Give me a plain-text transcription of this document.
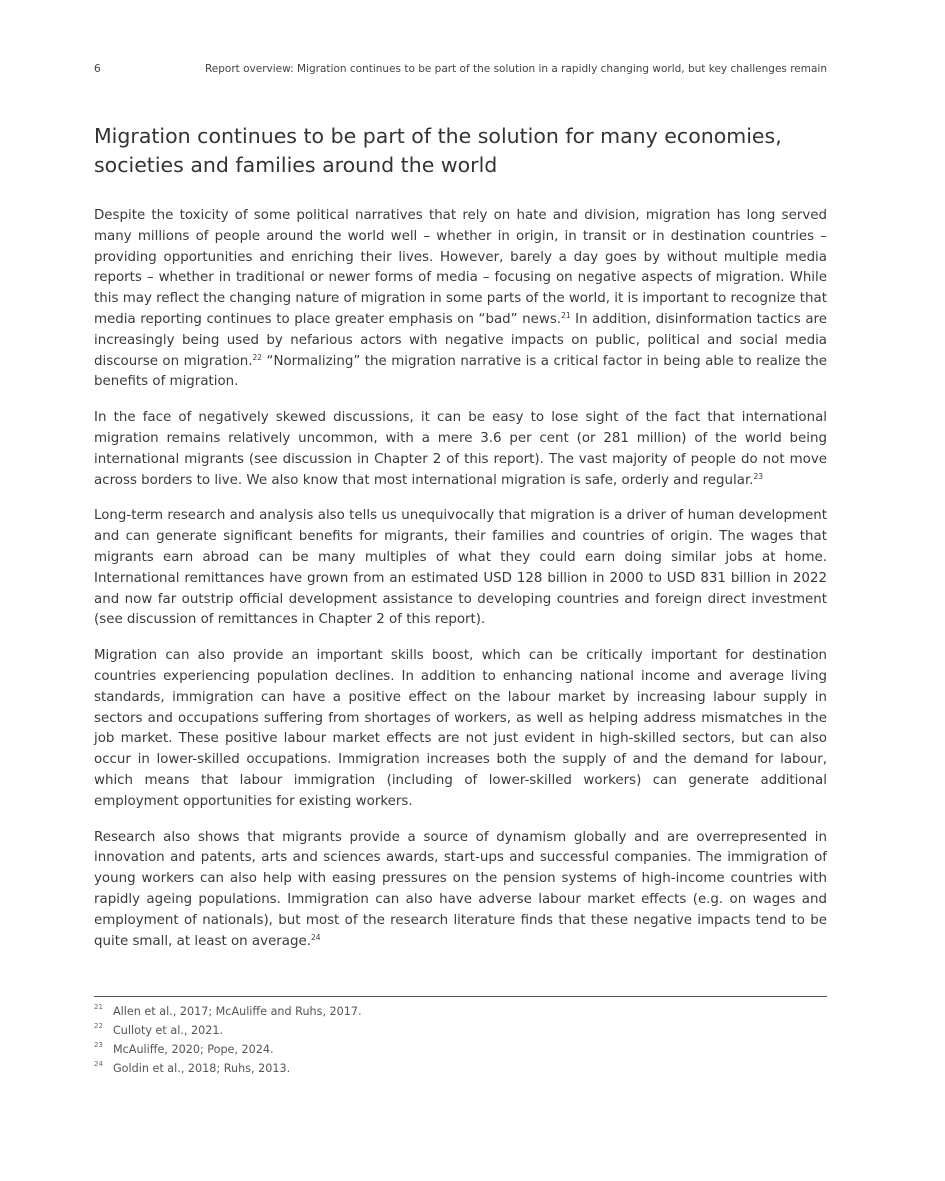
6	Report overview: Migration continues to be part of the solution in a rapidly changing world, but key challenges remain
Migration continues to be part of the solution for many economies, societies and families around the world

Despite the toxicity of some political narratives that rely on hate and division, migration has long served many millions of people around the world well – whether in origin, in transit or in destination countries – providing opportunities and enriching their lives. However, barely a day goes by without multiple media reports – whether in traditional or newer forms of media – focusing on negative aspects of migration. While this may reflect the changing nature of migration in some parts of the world, it is important to recognize that media reporting continues to place greater emphasis on “bad” news.$^{21}$ In addition, disinformation tactics are increasingly being used by nefarious actors with negative impacts on public, political and social media discourse on migration.$^{22}$ “Normalizing” the migration narrative is a critical factor in being able to realize the benefits of migration.

In the face of negatively skewed discussions, it can be easy to lose sight of the fact that international migration remains relatively uncommon, with a mere 3.6 per cent (or 281 million) of the world being international migrants (see discussion in Chapter 2 of this report). The vast majority of people do not move across borders to live. We also know that most international migration is safe, orderly and regular.$^{23}$

Long-term research and analysis also tells us unequivocally that migration is a driver of human development and can generate significant benefits for migrants, their families and countries of origin. The wages that migrants earn abroad can be many multiples of what they could earn doing similar jobs at home. International remittances have grown from an estimated USD 128 billion in 2000 to USD 831 billion in 2022 and now far outstrip official development assistance to developing countries and foreign direct investment (see discussion of remittances in Chapter 2 of this report).

Migration can also provide an important skills boost, which can be critically important for destination countries experiencing population declines. In addition to enhancing national income and average living standards, immigration can have a positive effect on the labour market by increasing labour supply in sectors and occupations suffering from shortages of workers, as well as helping address mismatches in the job market. These positive labour market effects are not just evident in high-skilled sectors, but can also occur in lower-skilled occupations. Immigration increases both the supply of and the demand for labour, which means that labour immigration (including of lower-skilled workers) can generate additional employment opportunities for existing workers.

Research also shows that migrants provide a source of dynamism globally and are overrepresented in innovation and patents, arts and sciences awards, start-ups and successful companies. The immigration of young workers can also help with easing pressures on the pension systems of high-income countries with rapidly ageing populations. Immigration can also have adverse labour market effects (e.g. on wages and employment of nationals), but most of the research literature finds that these negative impacts tend to be quite small, at least on average.$^{24}$

21 Allen et al., 2017; McAuliffe and Ruhs, 2017.
22 Culloty et al., 2021.
23 McAuliffe, 2020; Pope, 2024.
24 Goldin et al., 2018; Ruhs, 2013.
